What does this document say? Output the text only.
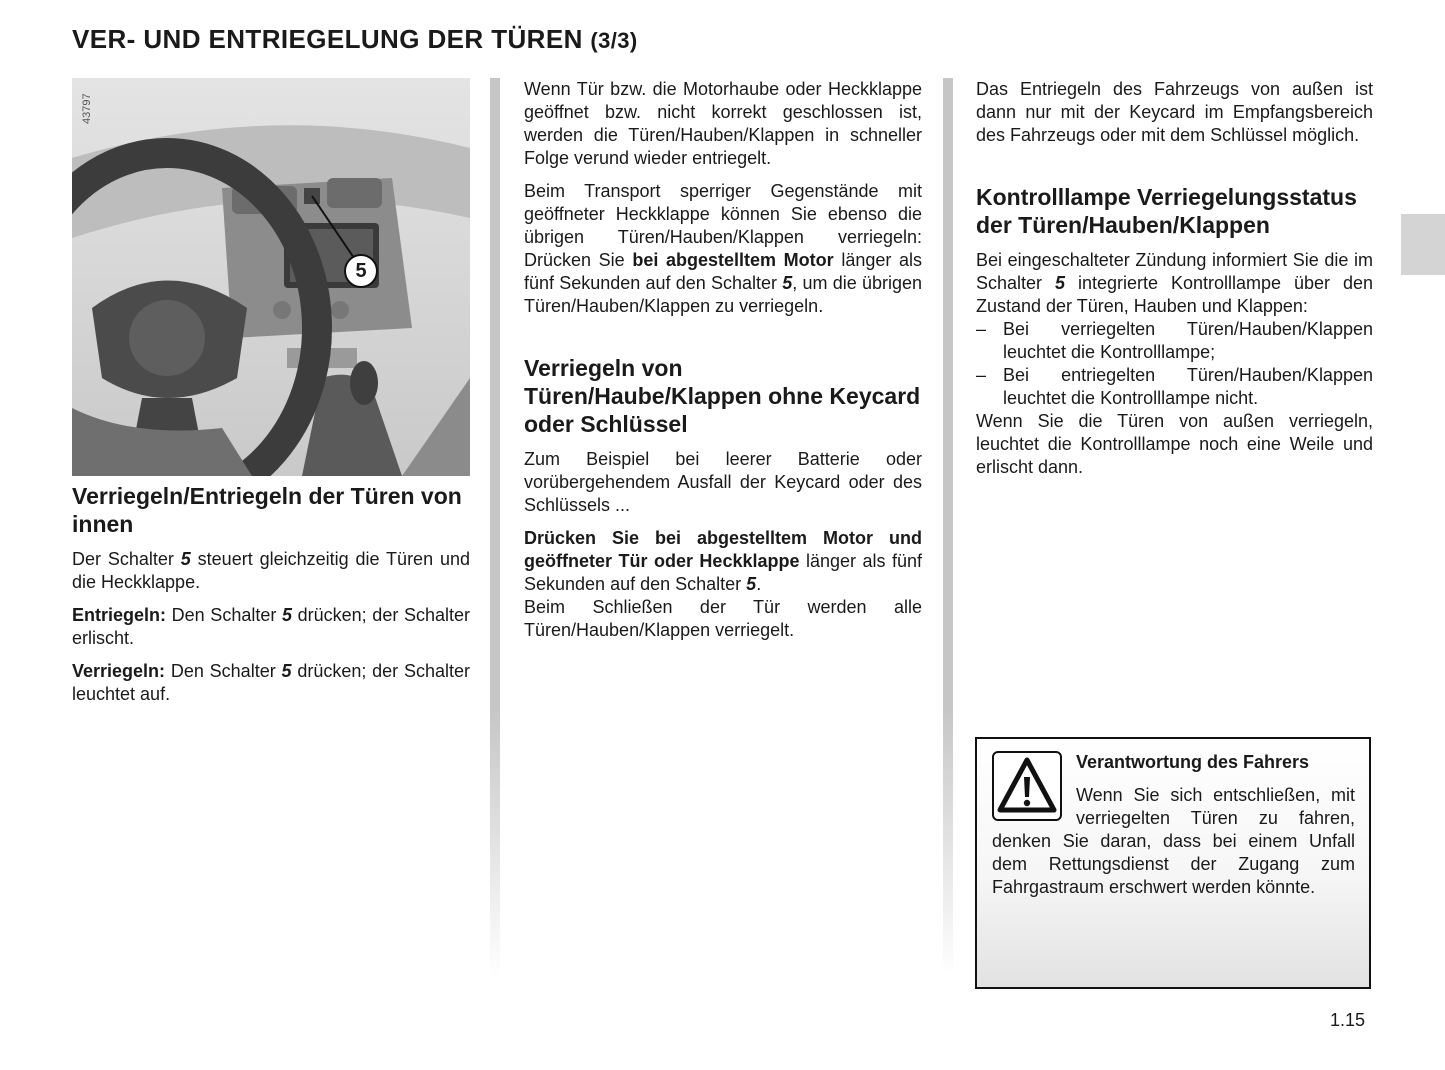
VER- UND ENTRIEGELUNG DER TÜREN (3/3)
43797
5
Verriegeln/Entriegeln der Türen von innen

Der Schalter 5 steuert gleichzeitig die Türen und die Heckklappe.

Entriegeln: Den Schalter 5 drücken; der Schalter erlischt.

Verriegeln: Den Schalter 5 drücken; der Schalter leuchtet auf.

Wenn Tür bzw. die Motorhaube oder Heckklappe geöffnet bzw. nicht korrekt geschlossen ist, werden die Türen/Hauben/Klappen in schneller Folge verund wieder entriegelt.

Beim Transport sperriger Gegenstände mit geöffneter Heckklappe können Sie ebenso die übrigen Türen/Hauben/Klappen verriegeln: Drücken Sie bei abgestelltem Motor länger als fünf Sekunden auf den Schalter 5, um die übrigen Türen/Hauben/Klappen zu verriegeln.

Verriegeln von Türen/Haube/Klappen ohne Keycard oder Schlüssel

Zum Beispiel bei leerer Batterie oder vorübergehendem Ausfall der Keycard oder des Schlüssels ...

Drücken Sie bei abgestelltem Motor und geöffneter Tür oder Heckklappe länger als fünf Sekunden auf den Schalter 5.

Beim Schließen der Tür werden alle Türen/Hauben/Klappen verriegelt.

Das Entriegeln des Fahrzeugs von außen ist dann nur mit der Keycard im Empfangsbereich des Fahrzeugs oder mit dem Schlüssel möglich.

Kontrolllampe Verriegelungsstatus der Türen/Hauben/Klappen

Bei eingeschalteter Zündung informiert Sie die im Schalter 5 integrierte Kontrolllampe über den Zustand der Türen, Hauben und Klappen:

– Bei verriegelten Türen/Hauben/Klappen leuchtet die Kontrolllampe;
– Bei entriegelten Türen/Hauben/Klappen leuchtet die Kontrolllampe nicht.

Wenn Sie die Türen von außen verriegeln, leuchtet die Kontrolllampe noch eine Weile und erlischt dann.

Verantwortung des Fahrers

Wenn Sie sich entschließen, mit verriegelten Türen zu fahren, denken Sie daran, dass bei einem Unfall dem Rettungsdienst der Zugang zum Fahrgastraum erschwert werden könnte.

1.15
